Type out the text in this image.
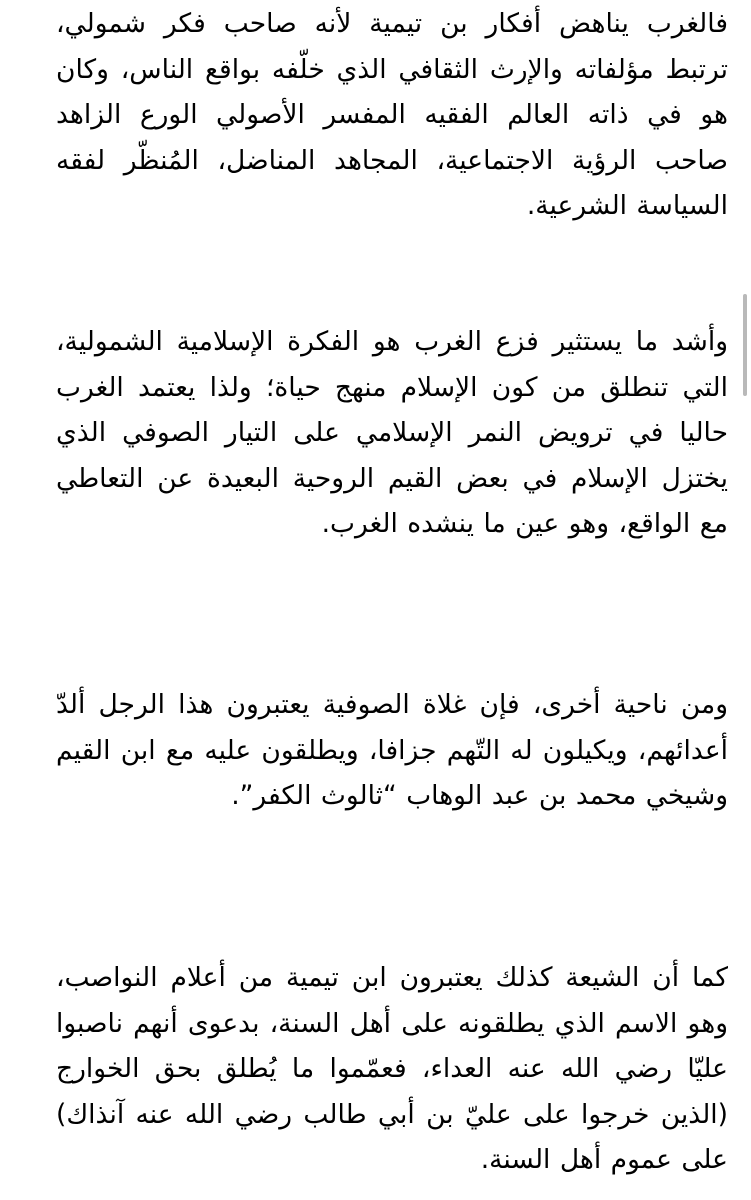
فالغرب يناهض أفكار بن تيمية لأنه صاحب فكر شمولي، ترتبط مؤلفاته والإرث الثقافي الذي خلّفه بواقع الناس، وكان هو في ذاته العالم الفقيه المفسر الأصولي الورع الزاهد صاحب الرؤية الاجتماعية، المجاهد المناضل، المُنظّر لفقه السياسة الشرعية.

وأشد ما يستثير فزع الغرب هو الفكرة الإسلامية الشمولية، التي تنطلق من كون الإسلام منهج حياة؛ ولذا يعتمد الغرب حاليا في ترويض النمر الإسلامي على التيار الصوفي الذي يختزل الإسلام في بعض القيم الروحية البعيدة عن التعاطي مع الواقع، وهو عين ما ينشده الغرب.

ومن ناحية أخرى، فإن غلاة الصوفية يعتبرون هذا الرجل ألدّ أعدائهم، ويكيلون له التّهم جزافا، ويطلقون عليه مع ابن القيم وشيخي محمد بن عبد الوهاب “ثالوث الكفر”.

كما أن الشيعة كذلك يعتبرون ابن تيمية من أعلام النواصب، وهو الاسم الذي يطلقونه على أهل السنة، بدعوى أنهم ناصبوا عليّا رضي الله عنه العداء، فعمّموا ما يُطلق بحق الخوارج (الذين خرجوا على عليّ بن أبي طالب رضي الله عنه آنذاك) على عموم أهل السنة.
